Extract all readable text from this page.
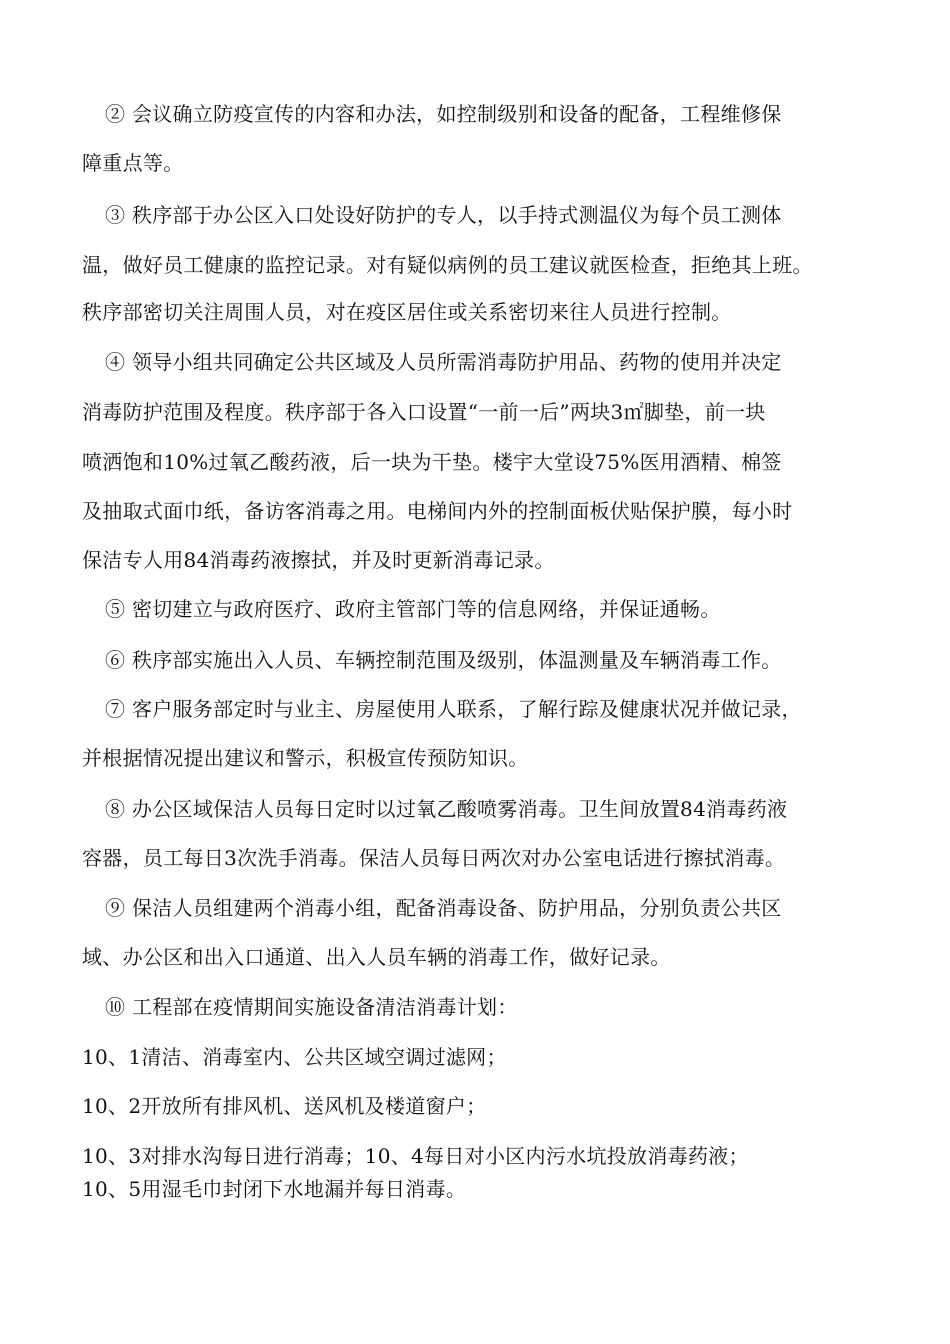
② 会议确立防疫宣传的内容和办法，如控制级别和设备的配备，工程维修保
障重点等。
③ 秩序部于办公区入口处设好防护的专人，以手持式测温仪为每个员工测体
温，做好员工健康的监控记录。对有疑似病例的员工建议就医检查，拒绝其上班。
秩序部密切关注周围人员，对在疫区居住或关系密切来往人员进行控制。
④ 领导小组共同确定公共区域及人员所需消毒防护用品、药物的使用并决定
消毒防护范围及程度。秩序部于各入口设置“一前一后”两块3㎡脚垫，前一块
喷洒饱和10%过氧乙酸药液，后一块为干垫。楼宇大堂设75%医用酒精、棉签
及抽取式面巾纸，备访客消毒之用。电梯间内外的控制面板伏贴保护膜，每小时
保洁专人用84消毒药液擦拭，并及时更新消毒记录。
⑤ 密切建立与政府医疗、政府主管部门等的信息网络，并保证通畅。
⑥ 秩序部实施出入人员、车辆控制范围及级别，体温测量及车辆消毒工作。
⑦ 客户服务部定时与业主、房屋使用人联系，了解行踪及健康状况并做记录，
并根据情况提出建议和警示，积极宣传预防知识。
⑧ 办公区域保洁人员每日定时以过氧乙酸喷雾消毒。卫生间放置84消毒药液
容器，员工每日3次洗手消毒。保洁人员每日两次对办公室电话进行擦拭消毒。
⑨ 保洁人员组建两个消毒小组，配备消毒设备、防护用品，分别负责公共区
域、办公区和出入口通道、出入人员车辆的消毒工作，做好记录。
⑩ 工程部在疫情期间实施设备清洁消毒计划：
10、1清洁、消毒室内、公共区域空调过滤网；
10、2开放所有排风机、送风机及楼道窗户；
10、3对排水沟每日进行消毒；10、4每日对小区内污水坑投放消毒药液；
10、5用湿毛巾封闭下水地漏并每日消毒。
